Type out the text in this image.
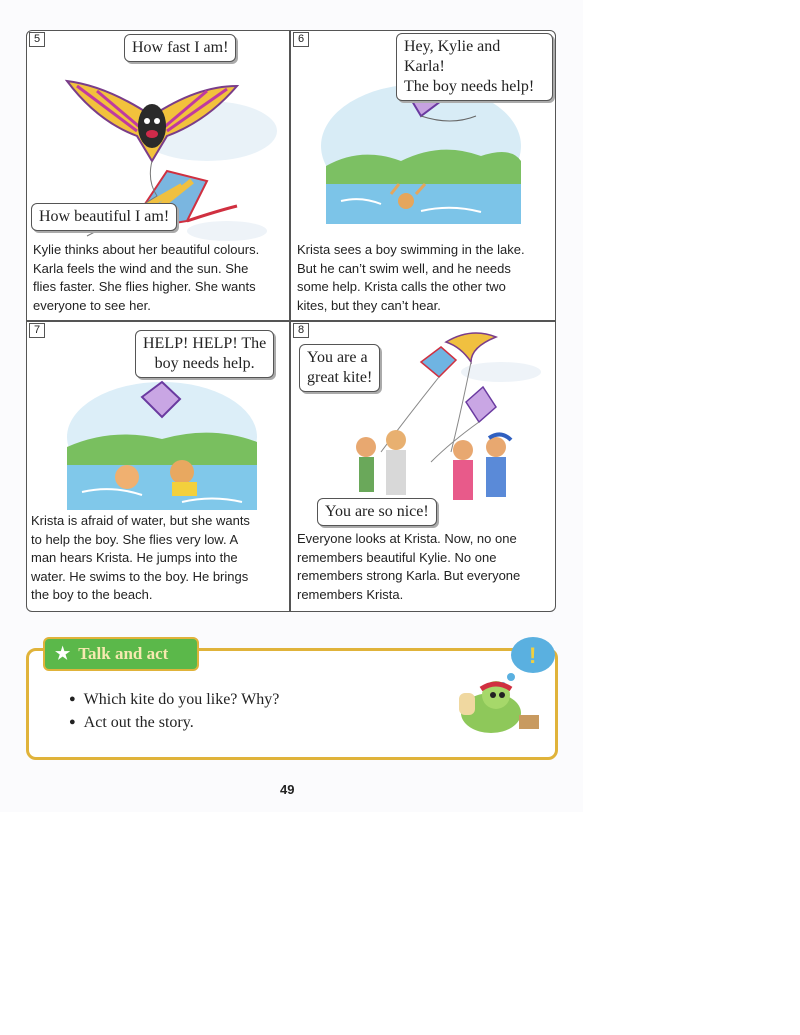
5	How fast I am!
How beautiful I am!
Kylie thinks about her beautiful colours.
Karla feels the wind and the sun. She
flies faster. She flies higher. She wants
everyone to see her.
6	Hey, Kylie and Karla!
The boy needs help!
Krista sees a boy swimming in the lake.
But he can’t swim well, and he needs
some help. Krista calls the other two
kites, but they can’t hear.
7
HELP! HELP! The
boy needs help.
Krista is afraid of water, but she wants
to help the boy. She flies very low. A
man hears Krista. He jumps into the
water. He swims to the boy. He brings
the boy to the beach.
8
You are a
great kite!
You are so nice!
Everyone looks at Krista. Now, no one
remembers beautiful Kylie. No one
remembers strong Karla. But everyone
remembers Krista.
★ Talk and act
● Which kite do you like? Why?
● Act out the story.
!
49
